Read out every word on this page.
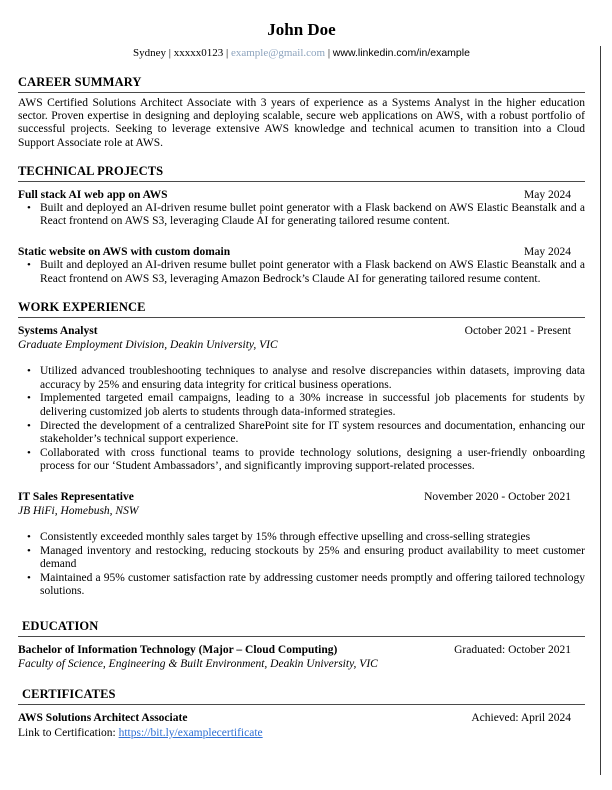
John Doe
Sydney | xxxxx0123 | example@gmail.com | www.linkedin.com/in/example
CAREER SUMMARY
AWS Certified Solutions Architect Associate with 3 years of experience as a Systems Analyst in the higher education sector. Proven expertise in designing and deploying scalable, secure web applications on AWS, with a robust portfolio of successful projects. Seeking to leverage extensive AWS knowledge and technical acumen to transition into a Cloud Support Associate role at AWS.
TECHNICAL PROJECTS
Full stack AI web app on AWS	May 2024
• Built and deployed an AI-driven resume bullet point generator with a Flask backend on AWS Elastic Beanstalk and a React frontend on AWS S3, leveraging Claude AI for generating tailored resume content.
Static website on AWS with custom domain	May 2024
• Built and deployed an AI-driven resume bullet point generator with a Flask backend on AWS Elastic Beanstalk and a React frontend on AWS S3, leveraging Amazon Bedrock’s Claude AI for generating tailored resume content.
WORK EXPERIENCE
Systems Analyst	October 2021 - Present
Graduate Employment Division, Deakin University, VIC
• Utilized advanced troubleshooting techniques to analyse and resolve discrepancies within datasets, improving data accuracy by 25% and ensuring data integrity for critical business operations.
• Implemented targeted email campaigns, leading to a 30% increase in successful job placements for students by delivering customized job alerts to students through data-informed strategies.
• Directed the development of a centralized SharePoint site for IT system resources and documentation, enhancing our stakeholder’s technical support experience.
• Collaborated with cross functional teams to provide technology solutions, designing a user-friendly onboarding process for our ‘Student Ambassadors’, and significantly improving support-related processes.
IT Sales Representative	November 2020 - October 2021
JB HiFi, Homebush, NSW
• Consistently exceeded monthly sales target by 15% through effective upselling and cross-selling strategies
• Managed inventory and restocking, reducing stockouts by 25% and ensuring product availability to meet customer demand
• Maintained a 95% customer satisfaction rate by addressing customer needs promptly and offering tailored technology solutions.
EDUCATION
Bachelor of Information Technology (Major – Cloud Computing)	Graduated: October 2021
Faculty of Science, Engineering & Built Environment, Deakin University, VIC
CERTIFICATES
AWS Solutions Architect Associate	Achieved: April 2024
Link to Certification: https://bit.ly/examplecertificate
